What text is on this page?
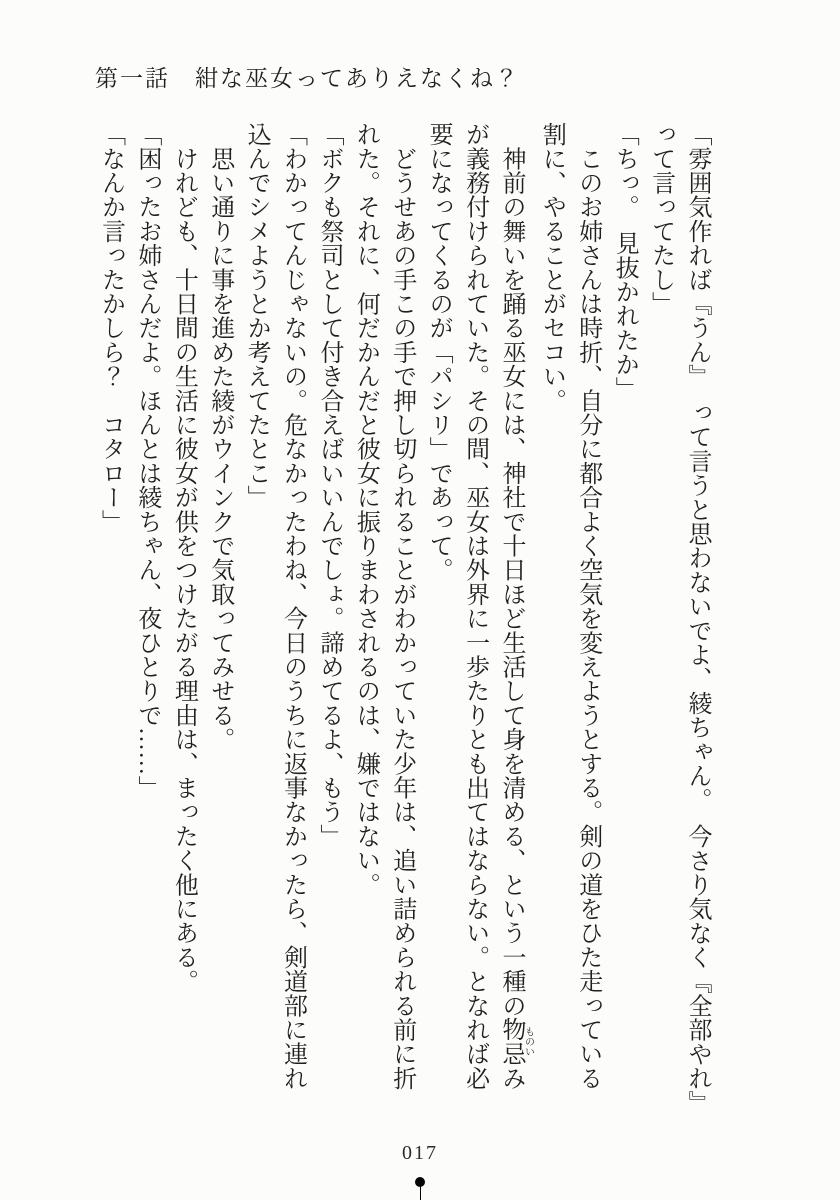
第一話　紺な巫女ってありえなくね？
「雰囲気作れば『うん』　って言うと思わないでよ、綾ちゃん。　今さり気なく『全部やれ』
って言ってたし」
「ちっ。　見抜かれたか」
　このお姉さんは時折、自分に都合よく空気を変えようとする。剣の道をひた走っている
割に、やることがセコい。
　神前の舞いを踊る巫女には、神社で十日ほど生活して身を清める、という一種の物忌ものいみ
が義務付けられていた。その間、巫女は外界に一歩たりとも出てはならない。となれば必
要になってくるのが「パシリ」であって。
　どうせあの手この手で押し切られることがわかっていた少年は、追い詰められる前に折
れた。それに、何だかんだと彼女に振りまわされるのは、嫌ではない。
「ボクも祭司として付き合えばいいんでしょ。諦めてるよ、もう」
「わかってんじゃないの。危なかったわね、今日のうちに返事なかったら、剣道部に連れ
込んでシメようとか考えてたとこ」
　思い通りに事を進めた綾がウインクで気取ってみせる。
　けれども、十日間の生活に彼女が供をつけたがる理由は、まったく他にある。
「困ったお姉さんだよ。ほんとは綾ちゃん、夜ひとりで……」
「なんか言ったかしら？　コタロー」
017
